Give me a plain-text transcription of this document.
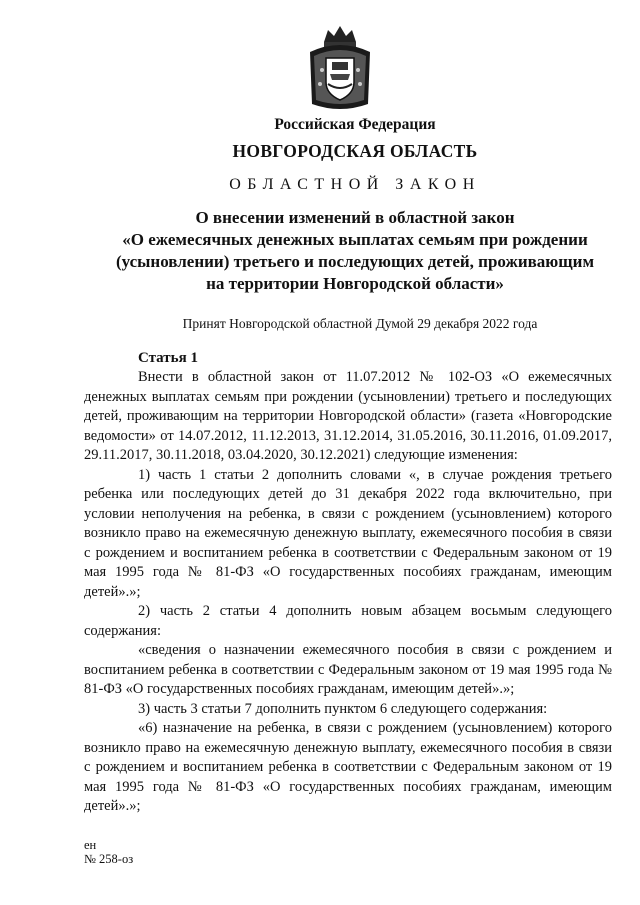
Российская Федерация
НОВГОРОДСКАЯ ОБЛАСТЬ
ОБЛАСТНОЙ ЗАКОН
О внесении изменений в областной закон
«О ежемесячных денежных выплатах семьям при рождении
(усыновлении) третьего и последующих детей, проживающим
на территории Новгородской области»
Принят Новгородской областной Думой 29 декабря 2022 года
Статья 1

Внести в областной закон от 11.07.2012 № 102-ОЗ «О ежемесячных денежных выплатах семьям при рождении (усыновлении) третьего и последующих детей, проживающим на территории Новгородской области» (газета «Новгородские ведомости» от 14.07.2012, 11.12.2013, 31.12.2014, 31.05.2016, 30.11.2016, 01.09.2017, 29.11.2017, 30.11.2018, 03.04.2020, 30.12.2021) следующие изменения:

1) часть 1 статьи 2 дополнить словами «, в случае рождения третьего ребенка или последующих детей до 31 декабря 2022 года включительно, при условии неполучения на ребенка, в связи с рождением (усыновлением) которого возникло право на ежемесячную денежную выплату, ежемесячного пособия в связи с рождением и воспитанием ребенка в соответствии с Федеральным законом от 19 мая 1995 года № 81-ФЗ «О государственных пособиях гражданам, имеющим детей».»;

2) часть 2 статьи 4 дополнить новым абзацем восьмым следующего содержания:

«сведения о назначении ежемесячного пособия в связи с рождением и воспитанием ребенка в соответствии с Федеральным законом от 19 мая 1995 года № 81-ФЗ «О государственных пособиях гражданам, имеющим детей».»;

3) часть 3 статьи 7 дополнить пунктом 6 следующего содержания:

«6) назначение на ребенка, в связи с рождением (усыновлением) которого возникло право на ежемесячную денежную выплату, ежемесячного пособия в связи с рождением и воспитанием ребенка в соответствии с Федеральным законом от 19 мая 1995 года № 81-ФЗ «О государственных пособиях гражданам, имеющим детей».»;

ен
№ 258-оз
